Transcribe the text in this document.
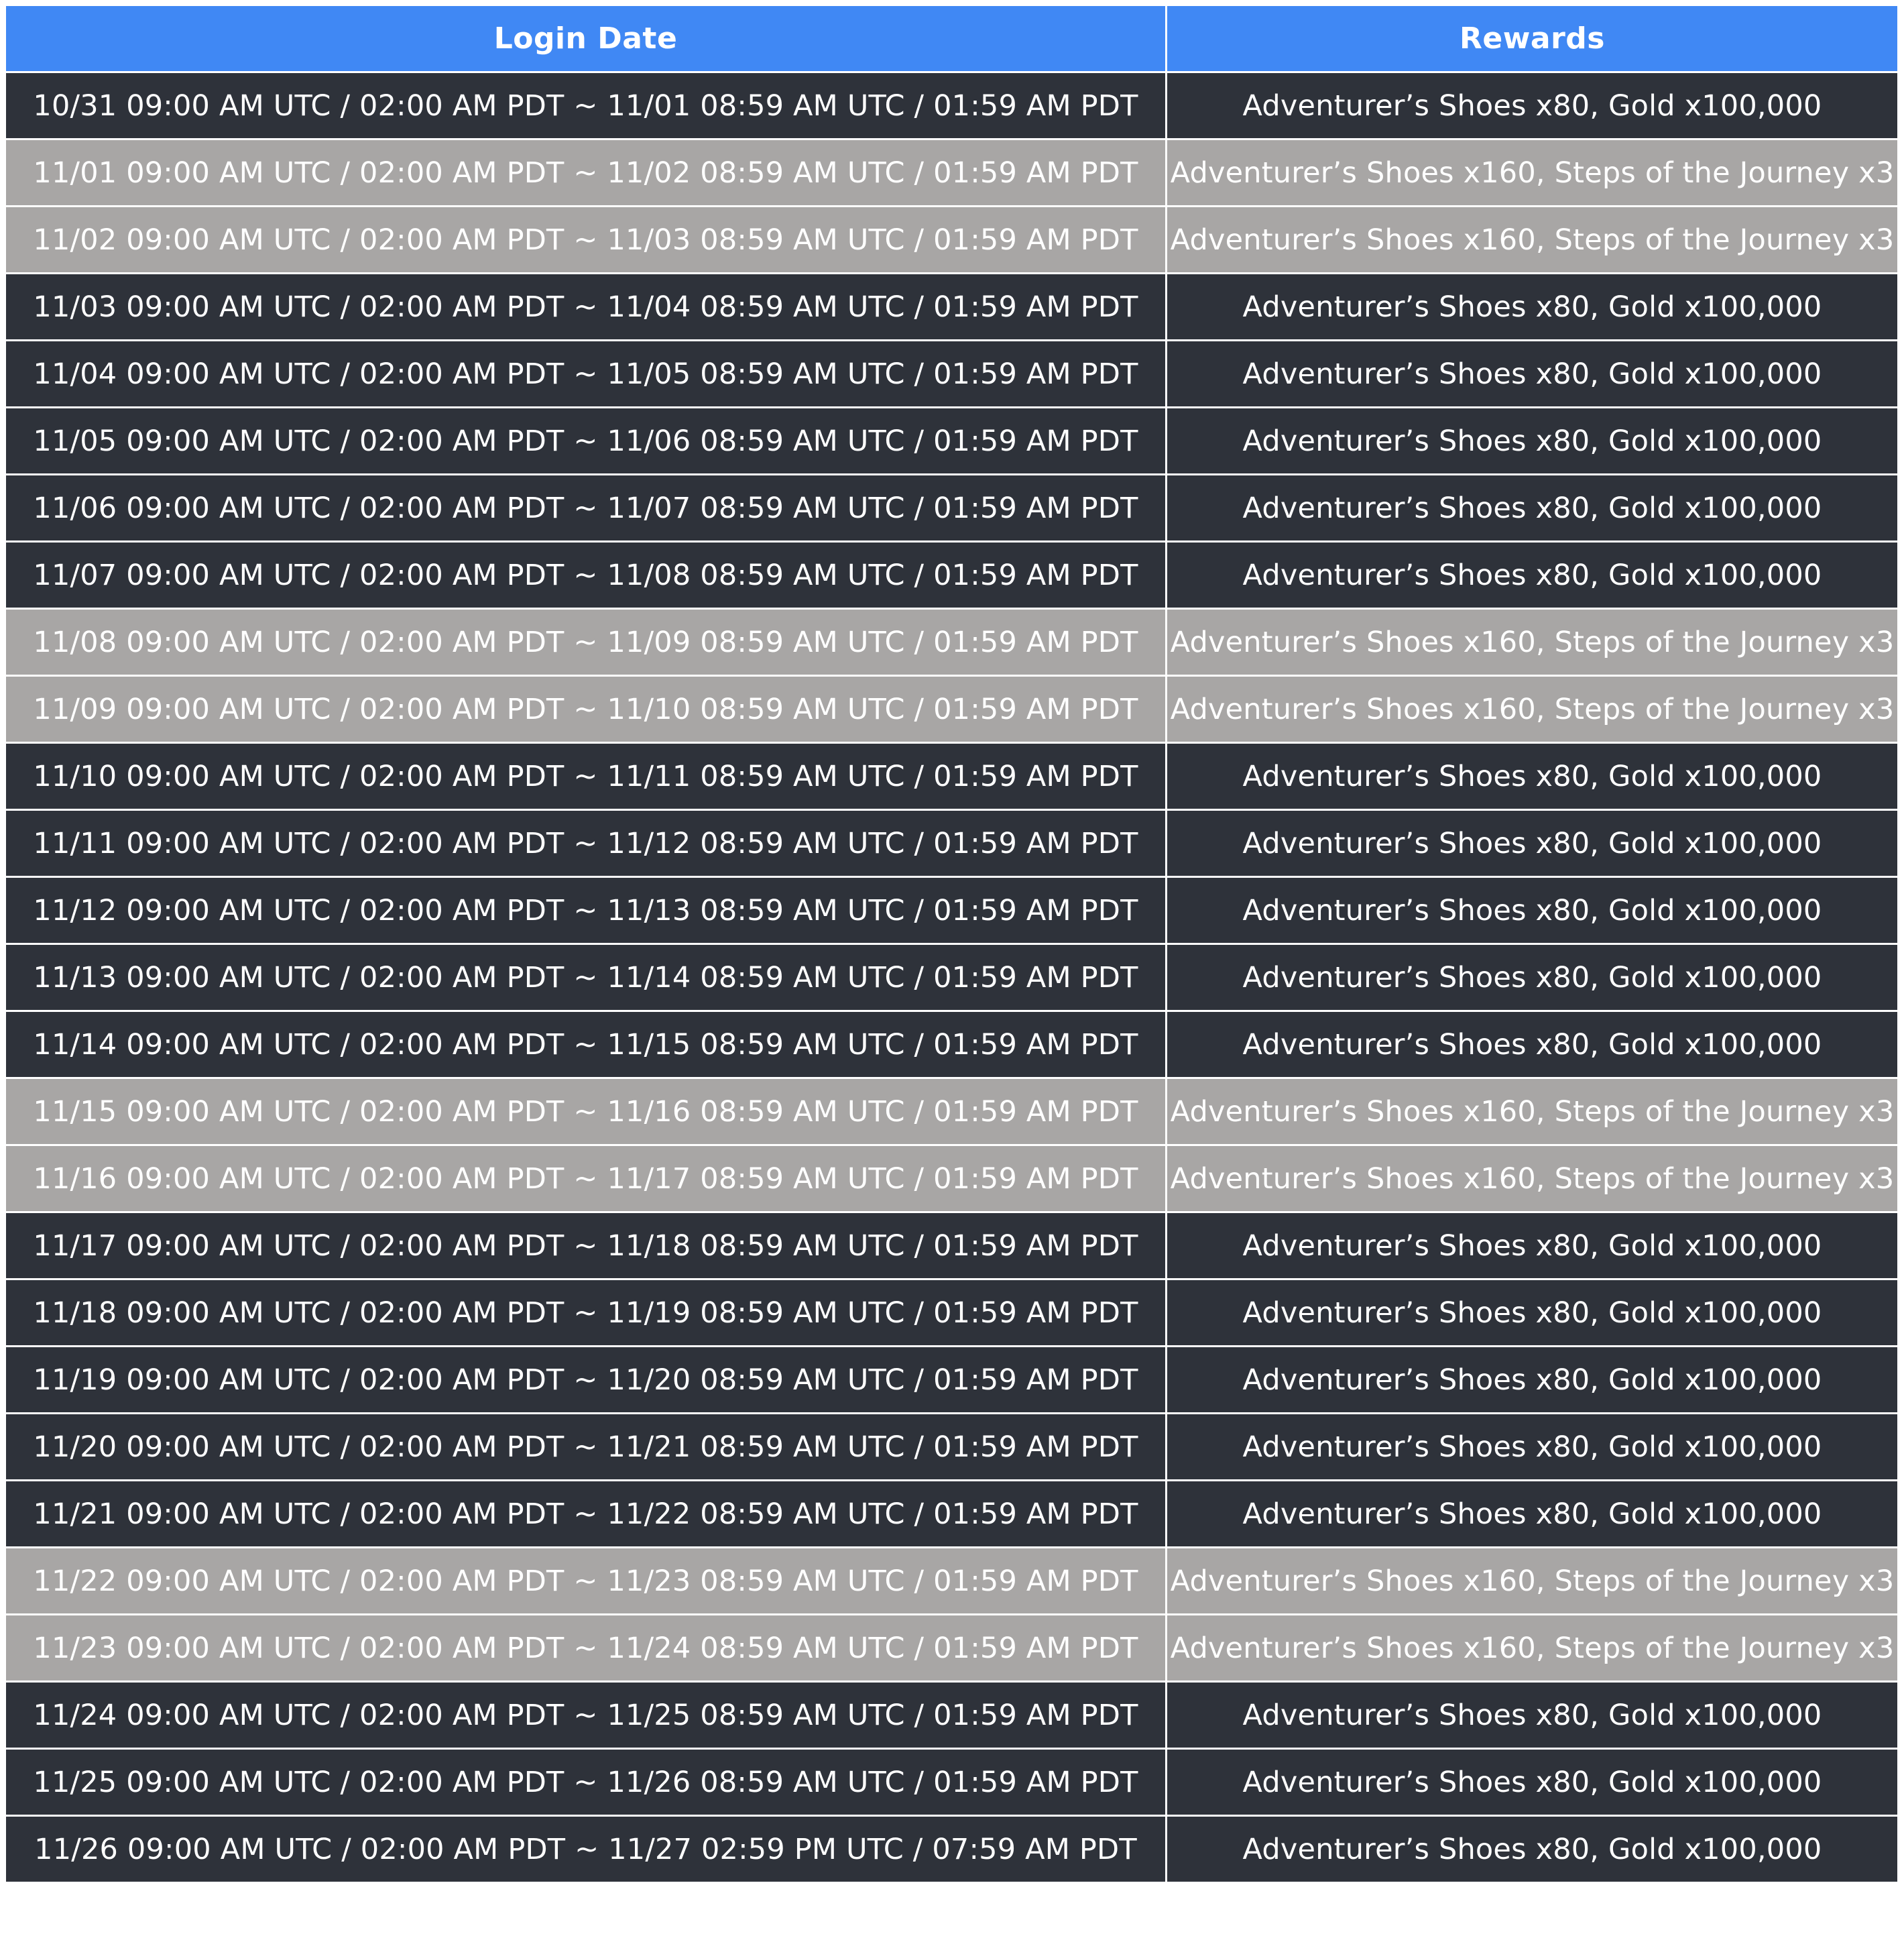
Login Date	Rewards
10/31 09:00 AM UTC / 02:00 AM PDT ~ 11/01 08:59 AM UTC / 01:59 AM PDT	Adventurer’s Shoes x80, Gold x100,000
11/01 09:00 AM UTC / 02:00 AM PDT ~ 11/02 08:59 AM UTC / 01:59 AM PDT	Adventurer’s Shoes x160, Steps of the Journey x3
11/02 09:00 AM UTC / 02:00 AM PDT ~ 11/03 08:59 AM UTC / 01:59 AM PDT	Adventurer’s Shoes x160, Steps of the Journey x3
11/03 09:00 AM UTC / 02:00 AM PDT ~ 11/04 08:59 AM UTC / 01:59 AM PDT	Adventurer’s Shoes x80, Gold x100,000
11/04 09:00 AM UTC / 02:00 AM PDT ~ 11/05 08:59 AM UTC / 01:59 AM PDT	Adventurer’s Shoes x80, Gold x100,000
11/05 09:00 AM UTC / 02:00 AM PDT ~ 11/06 08:59 AM UTC / 01:59 AM PDT	Adventurer’s Shoes x80, Gold x100,000
11/06 09:00 AM UTC / 02:00 AM PDT ~ 11/07 08:59 AM UTC / 01:59 AM PDT	Adventurer’s Shoes x80, Gold x100,000
11/07 09:00 AM UTC / 02:00 AM PDT ~ 11/08 08:59 AM UTC / 01:59 AM PDT	Adventurer’s Shoes x80, Gold x100,000
11/08 09:00 AM UTC / 02:00 AM PDT ~ 11/09 08:59 AM UTC / 01:59 AM PDT	Adventurer’s Shoes x160, Steps of the Journey x3
11/09 09:00 AM UTC / 02:00 AM PDT ~ 11/10 08:59 AM UTC / 01:59 AM PDT	Adventurer’s Shoes x160, Steps of the Journey x3
11/10 09:00 AM UTC / 02:00 AM PDT ~ 11/11 08:59 AM UTC / 01:59 AM PDT	Adventurer’s Shoes x80, Gold x100,000
11/11 09:00 AM UTC / 02:00 AM PDT ~ 11/12 08:59 AM UTC / 01:59 AM PDT	Adventurer’s Shoes x80, Gold x100,000
11/12 09:00 AM UTC / 02:00 AM PDT ~ 11/13 08:59 AM UTC / 01:59 AM PDT	Adventurer’s Shoes x80, Gold x100,000
11/13 09:00 AM UTC / 02:00 AM PDT ~ 11/14 08:59 AM UTC / 01:59 AM PDT	Adventurer’s Shoes x80, Gold x100,000
11/14 09:00 AM UTC / 02:00 AM PDT ~ 11/15 08:59 AM UTC / 01:59 AM PDT	Adventurer’s Shoes x80, Gold x100,000
11/15 09:00 AM UTC / 02:00 AM PDT ~ 11/16 08:59 AM UTC / 01:59 AM PDT	Adventurer’s Shoes x160, Steps of the Journey x3
11/16 09:00 AM UTC / 02:00 AM PDT ~ 11/17 08:59 AM UTC / 01:59 AM PDT	Adventurer’s Shoes x160, Steps of the Journey x3
11/17 09:00 AM UTC / 02:00 AM PDT ~ 11/18 08:59 AM UTC / 01:59 AM PDT	Adventurer’s Shoes x80, Gold x100,000
11/18 09:00 AM UTC / 02:00 AM PDT ~ 11/19 08:59 AM UTC / 01:59 AM PDT	Adventurer’s Shoes x80, Gold x100,000
11/19 09:00 AM UTC / 02:00 AM PDT ~ 11/20 08:59 AM UTC / 01:59 AM PDT	Adventurer’s Shoes x80, Gold x100,000
11/20 09:00 AM UTC / 02:00 AM PDT ~ 11/21 08:59 AM UTC / 01:59 AM PDT	Adventurer’s Shoes x80, Gold x100,000
11/21 09:00 AM UTC / 02:00 AM PDT ~ 11/22 08:59 AM UTC / 01:59 AM PDT	Adventurer’s Shoes x80, Gold x100,000
11/22 09:00 AM UTC / 02:00 AM PDT ~ 11/23 08:59 AM UTC / 01:59 AM PDT	Adventurer’s Shoes x160, Steps of the Journey x3
11/23 09:00 AM UTC / 02:00 AM PDT ~ 11/24 08:59 AM UTC / 01:59 AM PDT	Adventurer’s Shoes x160, Steps of the Journey x3
11/24 09:00 AM UTC / 02:00 AM PDT ~ 11/25 08:59 AM UTC / 01:59 AM PDT	Adventurer’s Shoes x80, Gold x100,000
11/25 09:00 AM UTC / 02:00 AM PDT ~ 11/26 08:59 AM UTC / 01:59 AM PDT	Adventurer’s Shoes x80, Gold x100,000
11/26 09:00 AM UTC / 02:00 AM PDT ~ 11/27 02:59 PM UTC / 07:59 AM PDT	Adventurer’s Shoes x80, Gold x100,000
